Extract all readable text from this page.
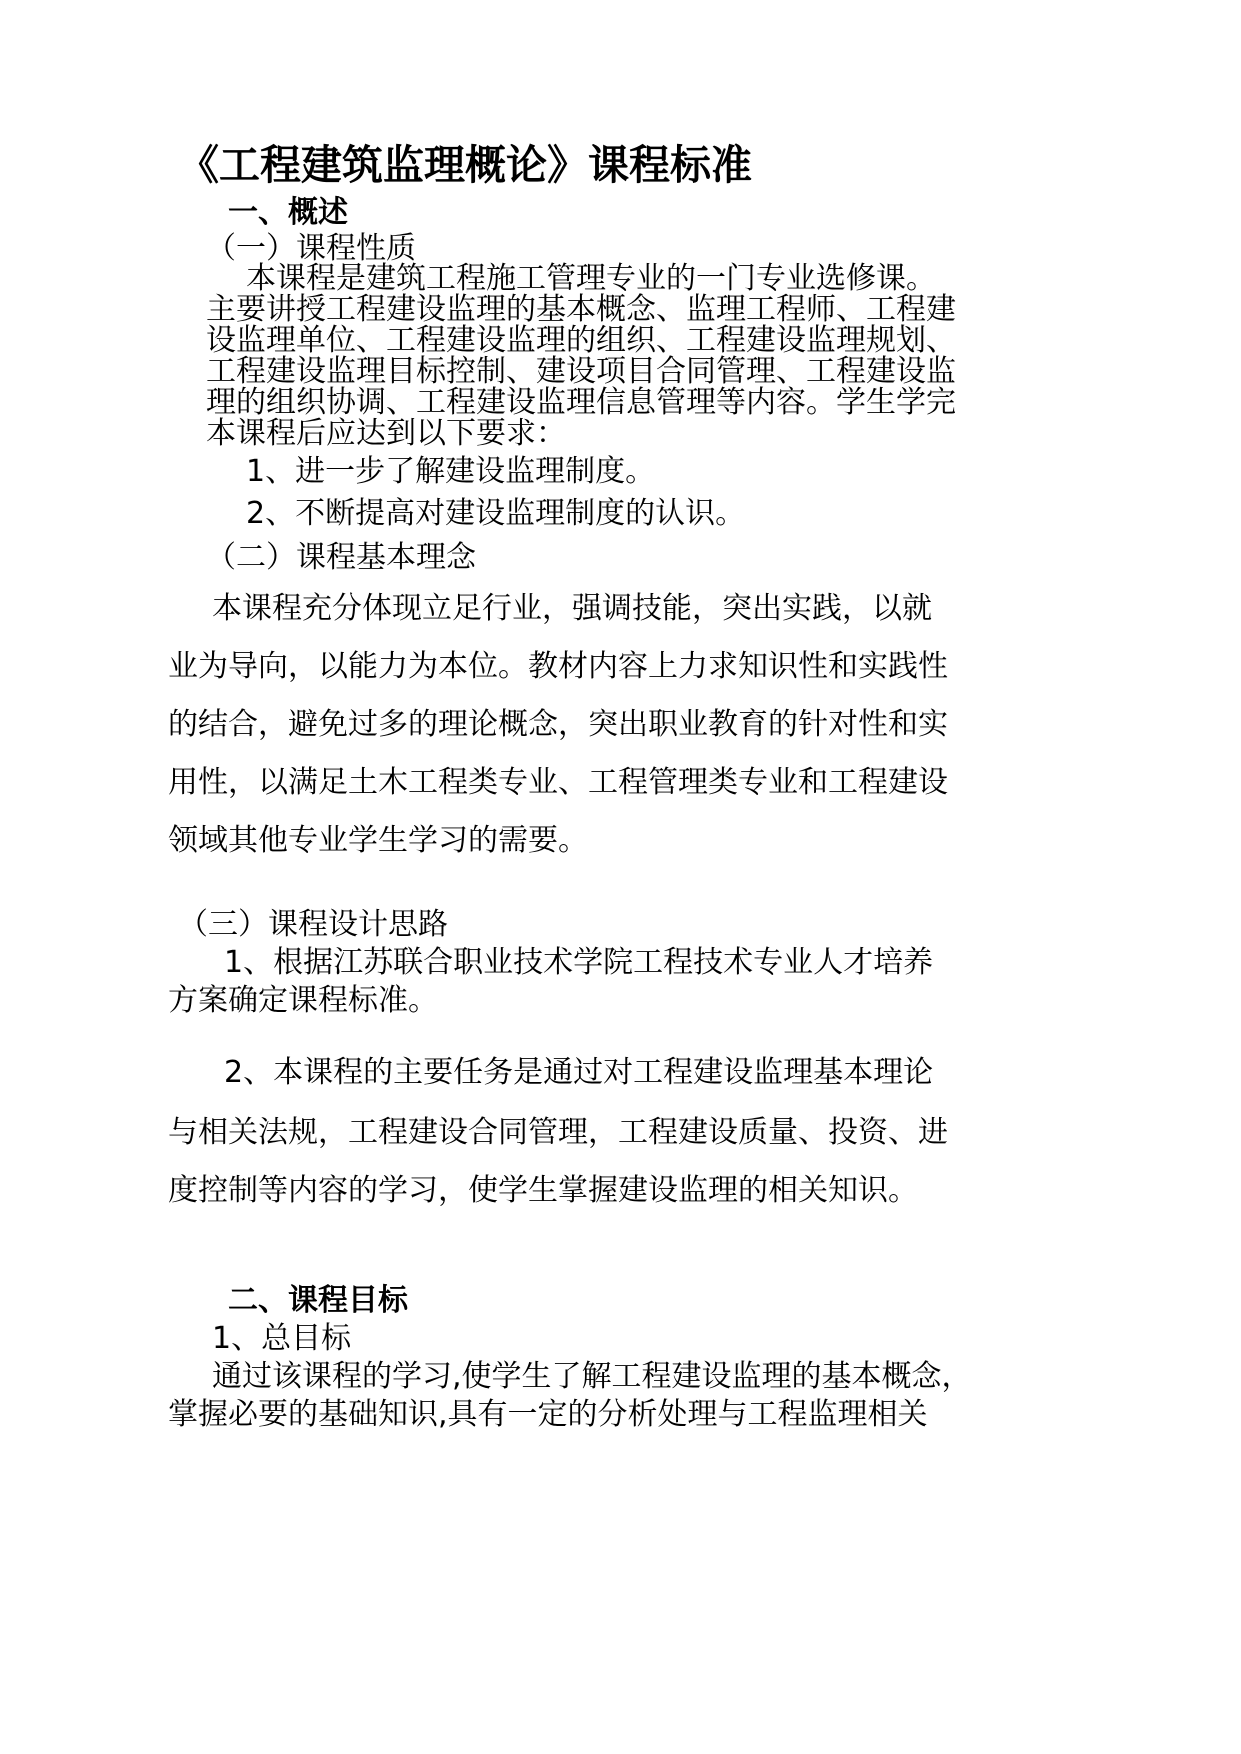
《工程建筑监理概论》课程标准
一、概述

（一）课程性质

本课程是建筑工程施工管理专业的一门专业选修课。

主要讲授工程建设监理的基本概念、监理工程师、工程建

设监理单位、工程建设监理的组织、工程建设监理规划、

工程建设监理目标控制、建设项目合同管理、工程建设监

理的组织协调、工程建设监理信息管理等内容。学生学完

本课程后应达到以下要求：

1、进一步了解建设监理制度。

2、不断提高对建设监理制度的认识。

（二）课程基本理念

本课程充分体现立足行业，强调技能，突出实践，以就

业为导向，以能力为本位。教材内容上力求知识性和实践性

的结合，避免过多的理论概念，突出职业教育的针对性和实

用性，以满足土木工程类专业、工程管理类专业和工程建设

领域其他专业学生学习的需要。

（三）课程设计思路

1、根据江苏联合职业技术学院工程技术专业人才培养

方案确定课程标准。

2、本课程的主要任务是通过对工程建设监理基本理论

与相关法规，工程建设合同管理，工程建设质量、投资、进

度控制等内容的学习，使学生掌握建设监理的相关知识。

二、课程目标

1、总目标

通过该课程的学习,使学生了解工程建设监理的基本概念，

掌握必要的基础知识,具有一定的分析处理与工程监理相关
